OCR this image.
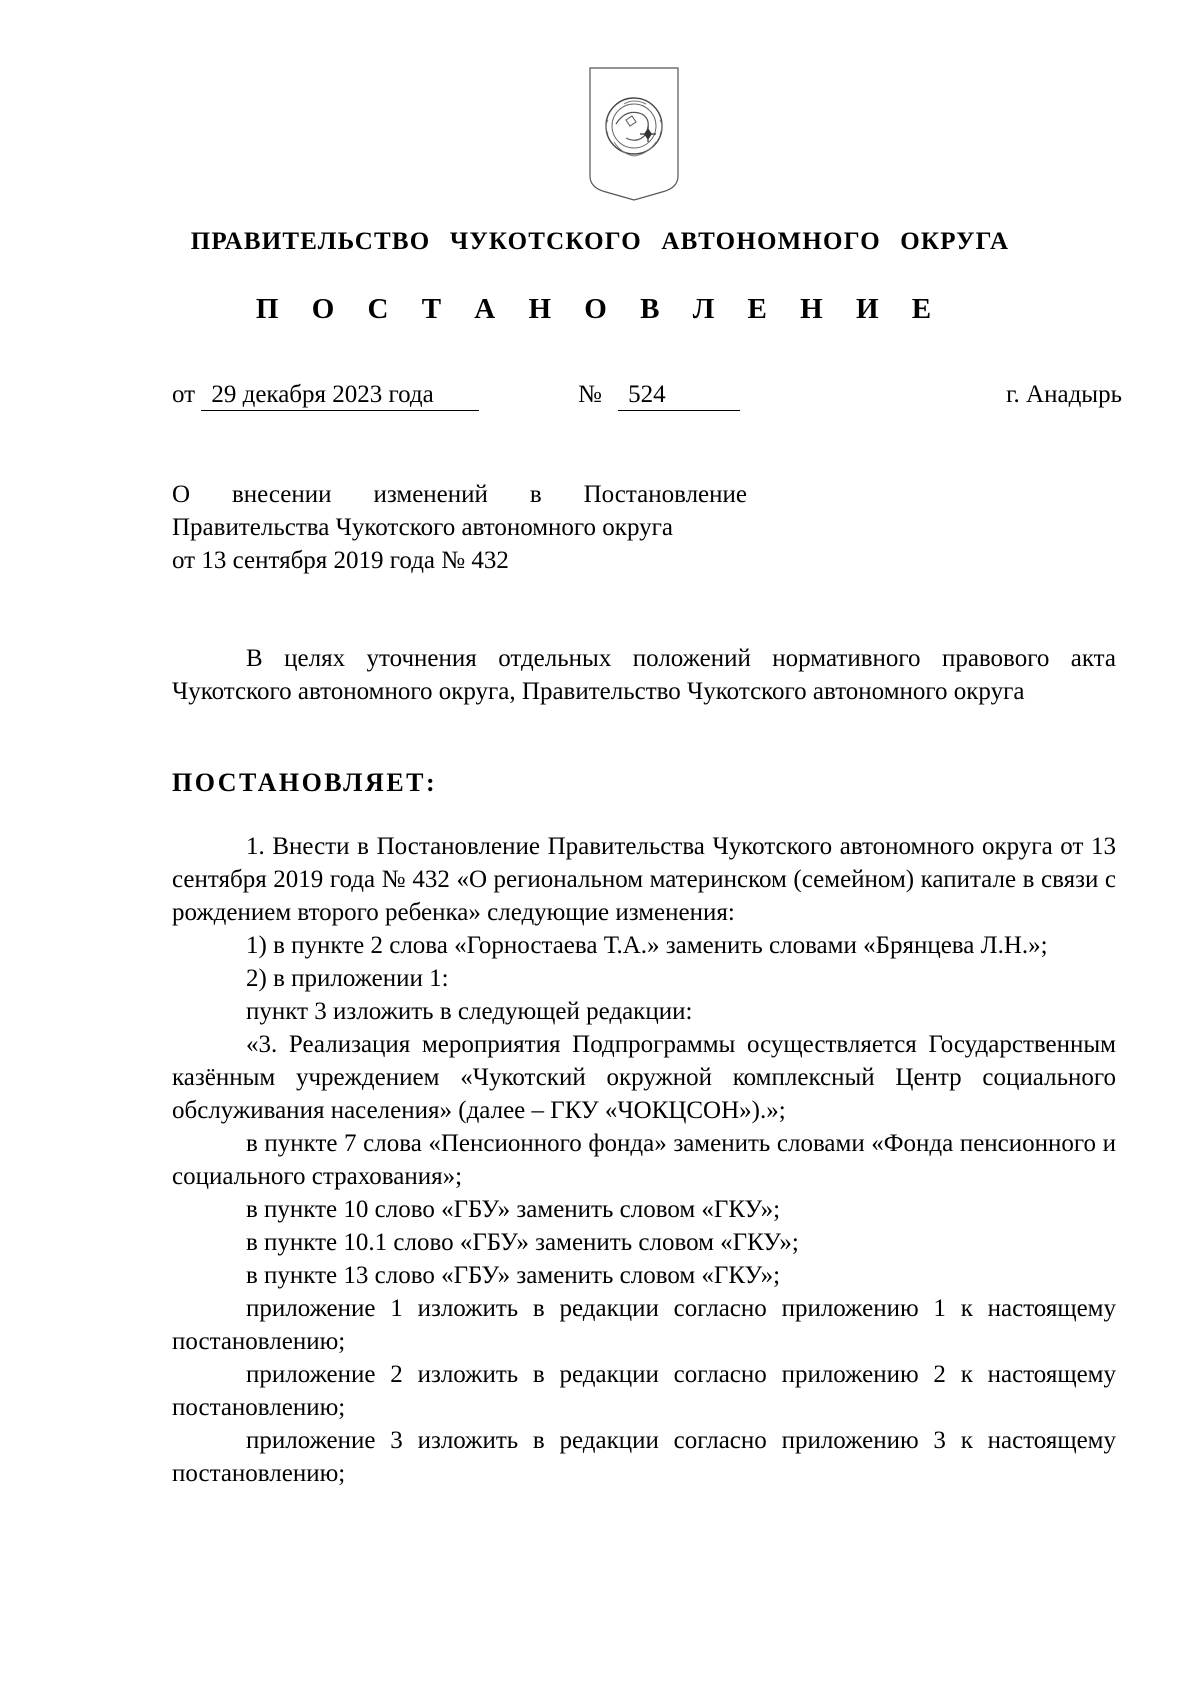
ПРАВИТЕЛЬСТВО ЧУКОТСКОГО АВТОНОМНОГО ОКРУГА
П О С Т А Н О В Л Е Н И Е
от 29 декабря 2023 года	№ 524	г. Анадырь
О внесении изменений в Постановление
Правительства Чукотского автономного округа
от 13 сентября 2019 года № 432
В целях уточнения отдельных положений нормативного правового акта Чукотского автономного округа, Правительство Чукотского автономного округа
ПОСТАНОВЛЯЕТ:
1. Внести в Постановление Правительства Чукотского автономного округа от 13 сентября 2019 года № 432 «О региональном материнском (семейном) капитале в связи с рождением второго ребенка» следующие изменения:
1) в пункте 2 слова «Горностаева Т.А.» заменить словами «Брянцева Л.Н.»;
2) в приложении 1:
пункт 3 изложить в следующей редакции:
«3. Реализация мероприятия Подпрограммы осуществляется Государственным казённым учреждением «Чукотский окружной комплексный Центр социального обслуживания населения» (далее – ГКУ «ЧОКЦСОН»).»;
в пункте 7 слова «Пенсионного фонда» заменить словами «Фонда пенсионного и социального страхования»;
в пункте 10 слово «ГБУ» заменить словом «ГКУ»;
в пункте 10.1 слово «ГБУ» заменить словом «ГКУ»;
в пункте 13 слово «ГБУ» заменить словом «ГКУ»;
приложение 1 изложить в редакции согласно приложению 1 к настоящему постановлению;
приложение 2 изложить в редакции согласно приложению 2 к настоящему постановлению;
приложение 3 изложить в редакции согласно приложению 3 к настоящему постановлению;
